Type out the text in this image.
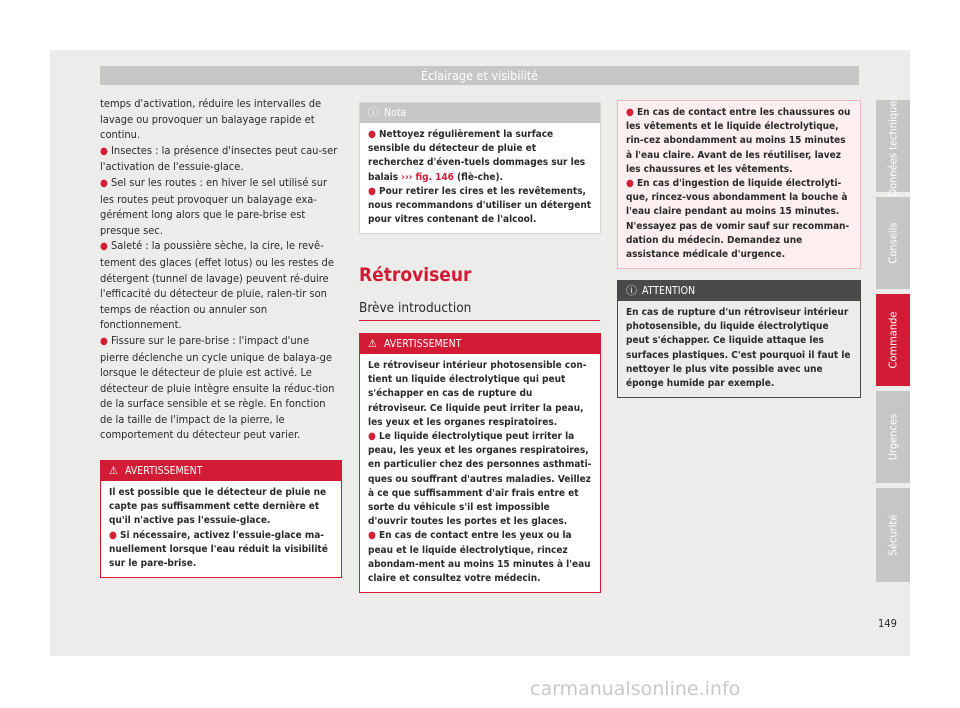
Éclairage et visibilité

temps d'activation, réduire les intervalles de lavage ou provoquer un balayage rapide et continu.

● Insectes : la présence d'insectes peut cau-ser l'activation de l'essuie-glace.

● Sel sur les routes : en hiver le sel utilisé sur les routes peut provoquer un balayage exa-gérément long alors que le pare-brise est presque sec.

● Saleté : la poussière sèche, la cire, le revê-tement des glaces (effet lotus) ou les restes de détergent (tunnel de lavage) peuvent ré-duire l'efficacité du détecteur de pluie, ralen-tir son temps de réaction ou annuler son fonctionnement.

● Fissure sur le pare-brise : l'impact d'une pierre déclenche un cycle unique de balaya-ge lorsque le détecteur de pluie est activé. Le détecteur de pluie intègre ensuite la réduc-tion de la surface sensible et se règle. En fonction de la taille de l'impact de la pierre, le comportement du détecteur peut varier.

⚠ AVERTISSEMENT

Il est possible que le détecteur de pluie ne capte pas suffisamment cette dernière et qu'il n'active pas l'essuie-glace.

● Si nécessaire, activez l'essuie-glace ma-nuellement lorsque l'eau réduit la visibilité sur le pare-brise.

ⓘ Nota

● Nettoyez régulièrement la surface sensible du détecteur de pluie et recherchez d'éven-tuels dommages sur les balais ››› fig. 146 (flè-che).

● Pour retirer les cires et les revêtements, nous recommandons d'utiliser un détergent pour vitres contenant de l'alcool.

Rétroviseur
Brève introduction
⚠ AVERTISSEMENT

Le rétroviseur intérieur photosensible con-tient un liquide électrolytique qui peut s'échapper en cas de rupture du rétroviseur. Ce liquide peut irriter la peau, les yeux et les organes respiratoires.

● Le liquide électrolytique peut irriter la peau, les yeux et les organes respiratoires, en particulier chez des personnes asthmati-ques ou souffrant d'autres maladies. Veillez à ce que suffisamment d'air frais entre et sorte du véhicule s'il est impossible d'ouvrir toutes les portes et les glaces.

● En cas de contact entre les yeux ou la peau et le liquide électrolytique, rincez abondam-ment au moins 15 minutes à l'eau claire et consultez votre médecin.

● En cas de contact entre les chaussures ou les vêtements et le liquide électrolytique, rin-cez abondamment au moins 15 minutes à l'eau claire. Avant de les réutiliser, lavez les chaussures et les vêtements.

● En cas d'ingestion de liquide électrolyti-que, rincez-vous abondamment la bouche à l'eau claire pendant au moins 15 minutes. N'essayez pas de vomir sauf sur recomman-dation du médecin. Demandez une assistance médicale d'urgence.

ⓘ ATTENTION

En cas de rupture d'un rétroviseur intérieur photosensible, du liquide électrolytique peut s'échapper. Ce liquide attaque les surfaces plastiques. C'est pourquoi il faut le nettoyer le plus vite possible avec une éponge humide par exemple.

Données techniques
Conseils
Commande
Urgences
Sécurité
149
carmanualsonline.info
